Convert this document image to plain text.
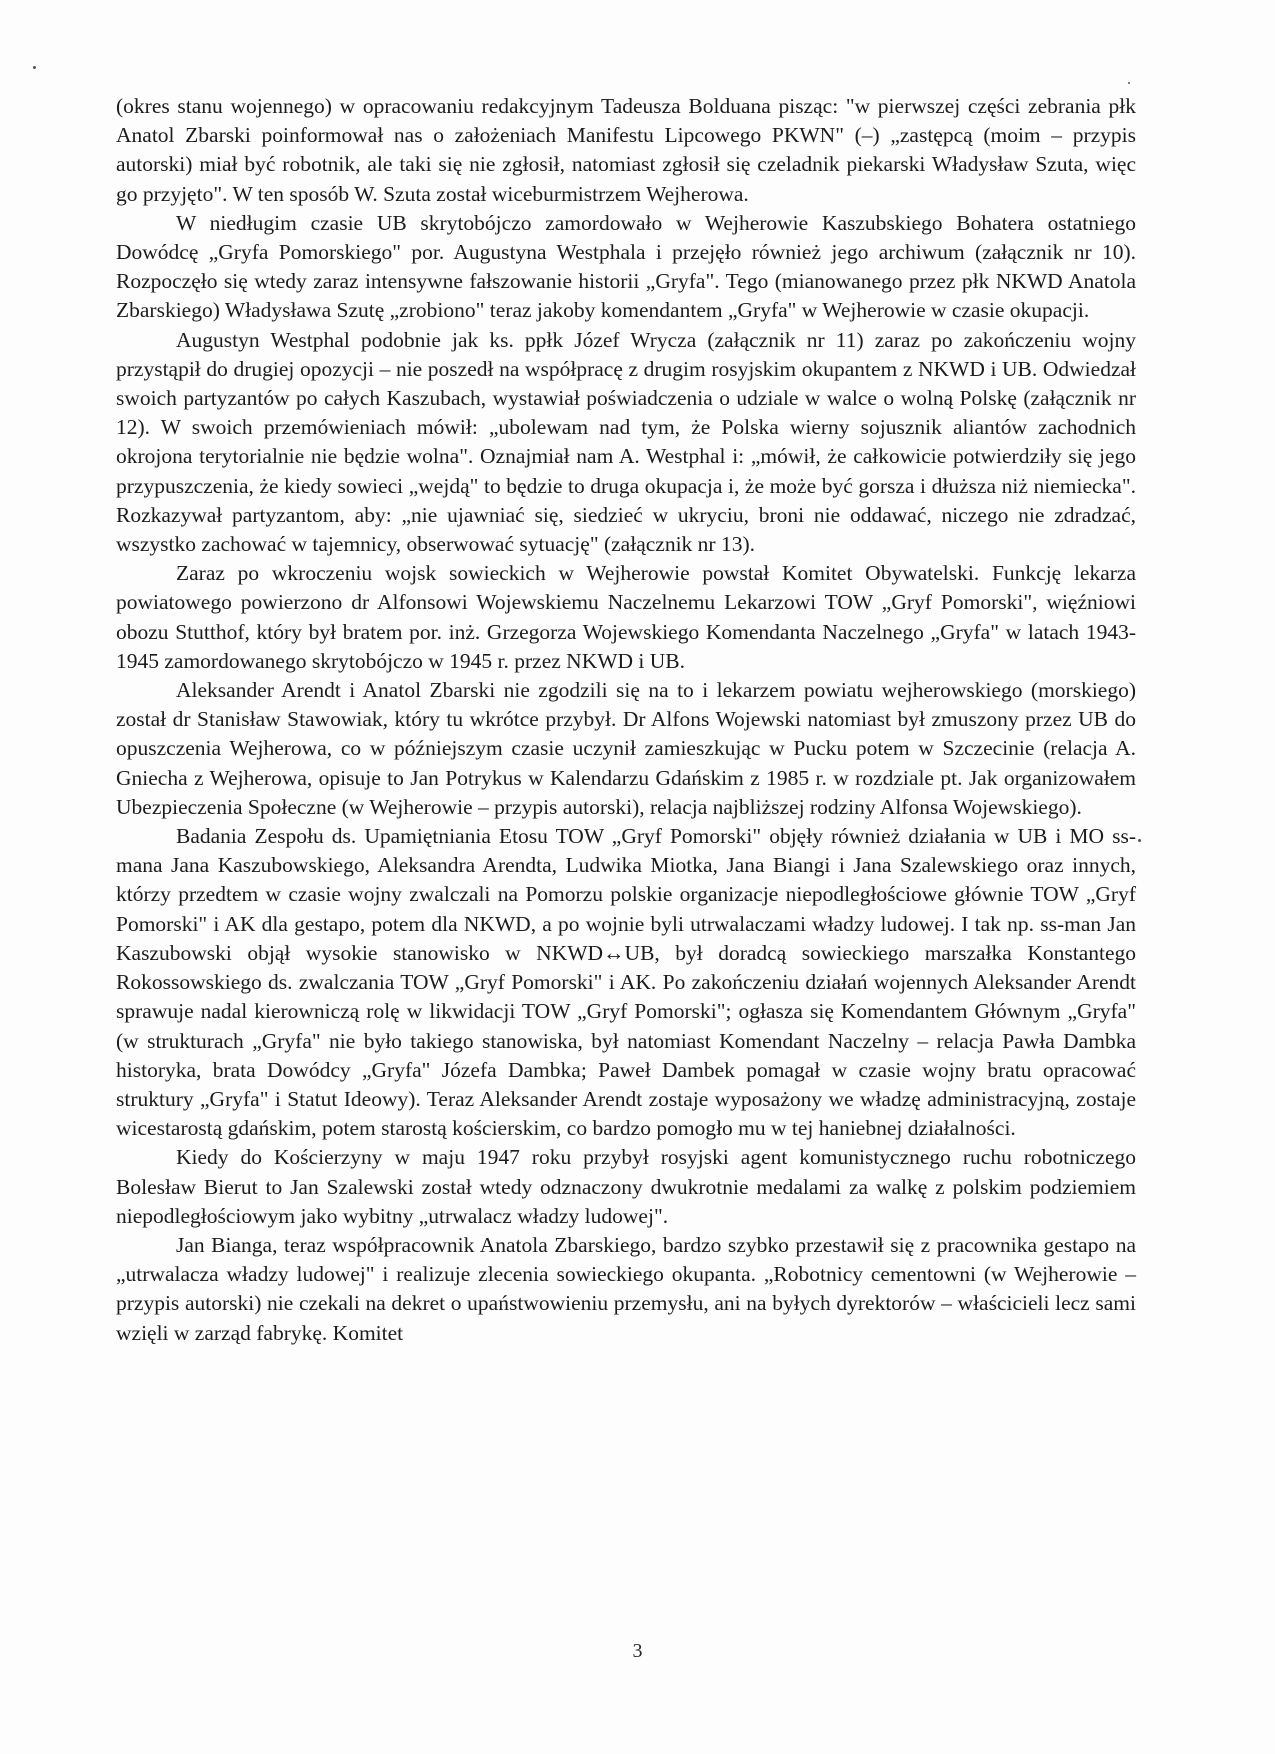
(okres stanu wojennego) w opracowaniu redakcyjnym Tadeusza Bolduana pisząc: "w pierwszej części zebrania płk Anatol Zbarski poinformował nas o założeniach Manifestu Lipcowego PKWN" (–) „zastępcą (moim – przypis autorski) miał być robotnik, ale taki się nie zgłosił, natomiast zgłosił się czeladnik piekarski Władysław Szuta, więc go przyjęto". W ten sposób W. Szuta został wiceburmistrzem Wejherowa.

W niedługim czasie UB skrytobójczo zamordowało w Wejherowie Kaszubskiego Bohatera ostatniego Dowódcę „Gryfa Pomorskiego" por. Augustyna Westphala i przejęło również jego archiwum (załącznik nr 10). Rozpoczęło się wtedy zaraz intensywne fałszowanie historii „Gryfa". Tego (mianowanego przez płk NKWD Anatola Zbarskiego) Władysława Szutę „zrobiono" teraz jakoby komendantem „Gryfa" w Wejherowie w czasie okupacji.

Augustyn Westphal podobnie jak ks. ppłk Józef Wrycza (załącznik nr 11) zaraz po zakończeniu wojny przystąpił do drugiej opozycji – nie poszedł na współpracę z drugim rosyjskim okupantem z NKWD i UB. Odwiedzał swoich partyzantów po całych Kaszubach, wystawiał poświadczenia o udziale w walce o wolną Polskę (załącznik nr 12). W swoich przemówieniach mówił: „ubolewam nad tym, że Polska wierny sojusznik aliantów zachodnich okrojona terytorialnie nie będzie wolna". Oznajmiał nam A. Westphal i: „mówił, że całkowicie potwierdziły się jego przypuszczenia, że kiedy sowieci „wejdą" to będzie to druga okupacja i, że może być gorsza i dłuższa niż niemiecka". Rozkazywał partyzantom, aby: „nie ujawniać się, siedzieć w ukryciu, broni nie oddawać, niczego nie zdradzać, wszystko zachować w tajemnicy, obserwować sytuację" (załącznik nr 13).

Zaraz po wkroczeniu wojsk sowieckich w Wejherowie powstał Komitet Obywatelski. Funkcję lekarza powiatowego powierzono dr Alfonsowi Wojewskiemu Naczelnemu Lekarzowi TOW „Gryf Pomorski", więźniowi obozu Stutthof, który był bratem por. inż. Grzegorza Wojewskiego Komendanta Naczelnego „Gryfa" w latach 1943-1945 zamordowanego skrytobójczo w 1945 r. przez NKWD i UB.

Aleksander Arendt i Anatol Zbarski nie zgodzili się na to i lekarzem powiatu wejherowskiego (morskiego) został dr Stanisław Stawowiak, który tu wkrótce przybył. Dr Alfons Wojewski natomiast był zmuszony przez UB do opuszczenia Wejherowa, co w późniejszym czasie uczynił zamieszkując w Pucku potem w Szczecinie (relacja A. Gniecha z Wejherowa, opisuje to Jan Potrykus w Kalendarzu Gdańskim z 1985 r. w rozdziale pt. Jak organizowałem Ubezpieczenia Społeczne (w Wejherowie – przypis autorski), relacja najbliższej rodziny Alfonsa Wojewskiego).

Badania Zespołu ds. Upamiętniania Etosu TOW „Gryf Pomorski" objęły również działania w UB i MO ss-mana Jana Kaszubowskiego, Aleksandra Arendta, Ludwika Miotka, Jana Biangi i Jana Szalewskiego oraz innych, którzy przedtem w czasie wojny zwalczali na Pomorzu polskie organizacje niepodległościowe głównie TOW „Gryf Pomorski" i AK dla gestapo, potem dla NKWD, a po wojnie byli utrwalaczami władzy ludowej. I tak np. ss-man Jan Kaszubowski objął wysokie stanowisko w NKWD↔UB, był doradcą sowieckiego marszałka Konstantego Rokossowskiego ds. zwalczania TOW „Gryf Pomorski" i AK. Po zakończeniu działań wojennych Aleksander Arendt sprawuje nadal kierowniczą rolę w likwidacji TOW „Gryf Pomorski"; ogłasza się Komendantem Głównym „Gryfa" (w strukturach „Gryfa" nie było takiego stanowiska, był natomiast Komendant Naczelny – relacja Pawła Dambka historyka, brata Dowódcy „Gryfa" Józefa Dambka; Paweł Dambek pomagał w czasie wojny bratu opracować struktury „Gryfa" i Statut Ideowy). Teraz Aleksander Arendt zostaje wyposażony we władzę administracyjną, zostaje wicestarostą gdańskim, potem starostą kościerskim, co bardzo pomogło mu w tej haniebnej działalności.

Kiedy do Kościerzyny w maju 1947 roku przybył rosyjski agent komunistycznego ruchu robotniczego Bolesław Bierut to Jan Szalewski został wtedy odznaczony dwukrotnie medalami za walkę z polskim podziemiem niepodległościowym jako wybitny „utrwalacz władzy ludowej".

Jan Bianga, teraz współpracownik Anatola Zbarskiego, bardzo szybko przestawił się z pracownika gestapo na „utrwalacza władzy ludowej" i realizuje zlecenia sowieckiego okupanta. „Robotnicy cementowni (w Wejherowie – przypis autorski) nie czekali na dekret o upaństwowieniu przemysłu, ani na byłych dyrektorów – właścicieli lecz sami wzięli w zarząd fabrykę. Komitet

3
